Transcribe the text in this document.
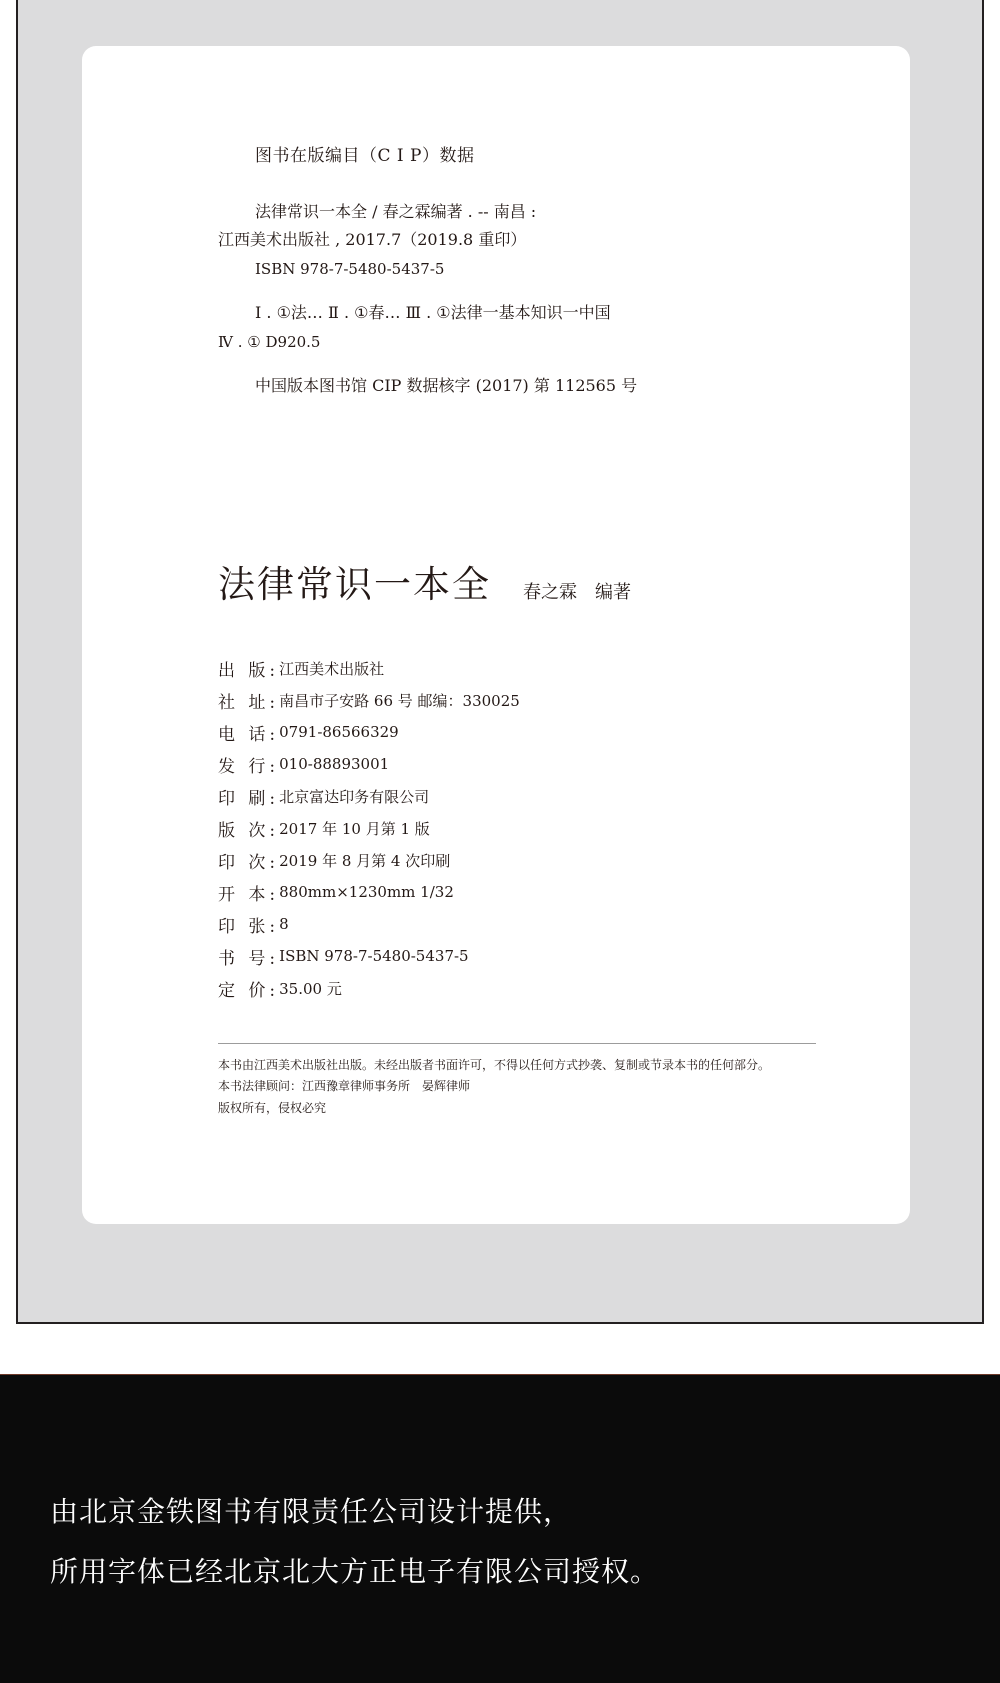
图书在版编目（C I P）数据
法律常识一本全 / 春之霖编著 . -- 南昌 :
江西美术出版社 , 2017.7（2019.8 重印）
ISBN 978-7-5480-5437-5
Ⅰ . ①法… Ⅱ . ①春… Ⅲ . ①法律一基本知识一中国
Ⅳ . ① D920.5
中国版本图书馆 CIP 数据核字 (2017) 第 112565 号
法律常识一本全 春之霖　编著
出 版: 江西美术出版社
社 址: 南昌市子安路 66 号 邮编：330025
电 话: 0791-86566329
发 行: 010-88893001
印 刷: 北京富达印务有限公司
版 次: 2017 年 10 月第 1 版
印 次: 2019 年 8 月第 4 次印刷
开 本: 880mm×1230mm 1/32
印 张: 8
书 号: ISBN 978-7-5480-5437-5
定 价: 35.00 元
本书由江西美术出版社出版。未经出版者书面许可，不得以任何方式抄袭、复制或节录本书的任何部分。
本书法律顾问：江西豫章律师事务所　晏辉律师
版权所有，侵权必究
由北京金铁图书有限责任公司设计提供，
所用字体已经北京北大方正电子有限公司授权。
